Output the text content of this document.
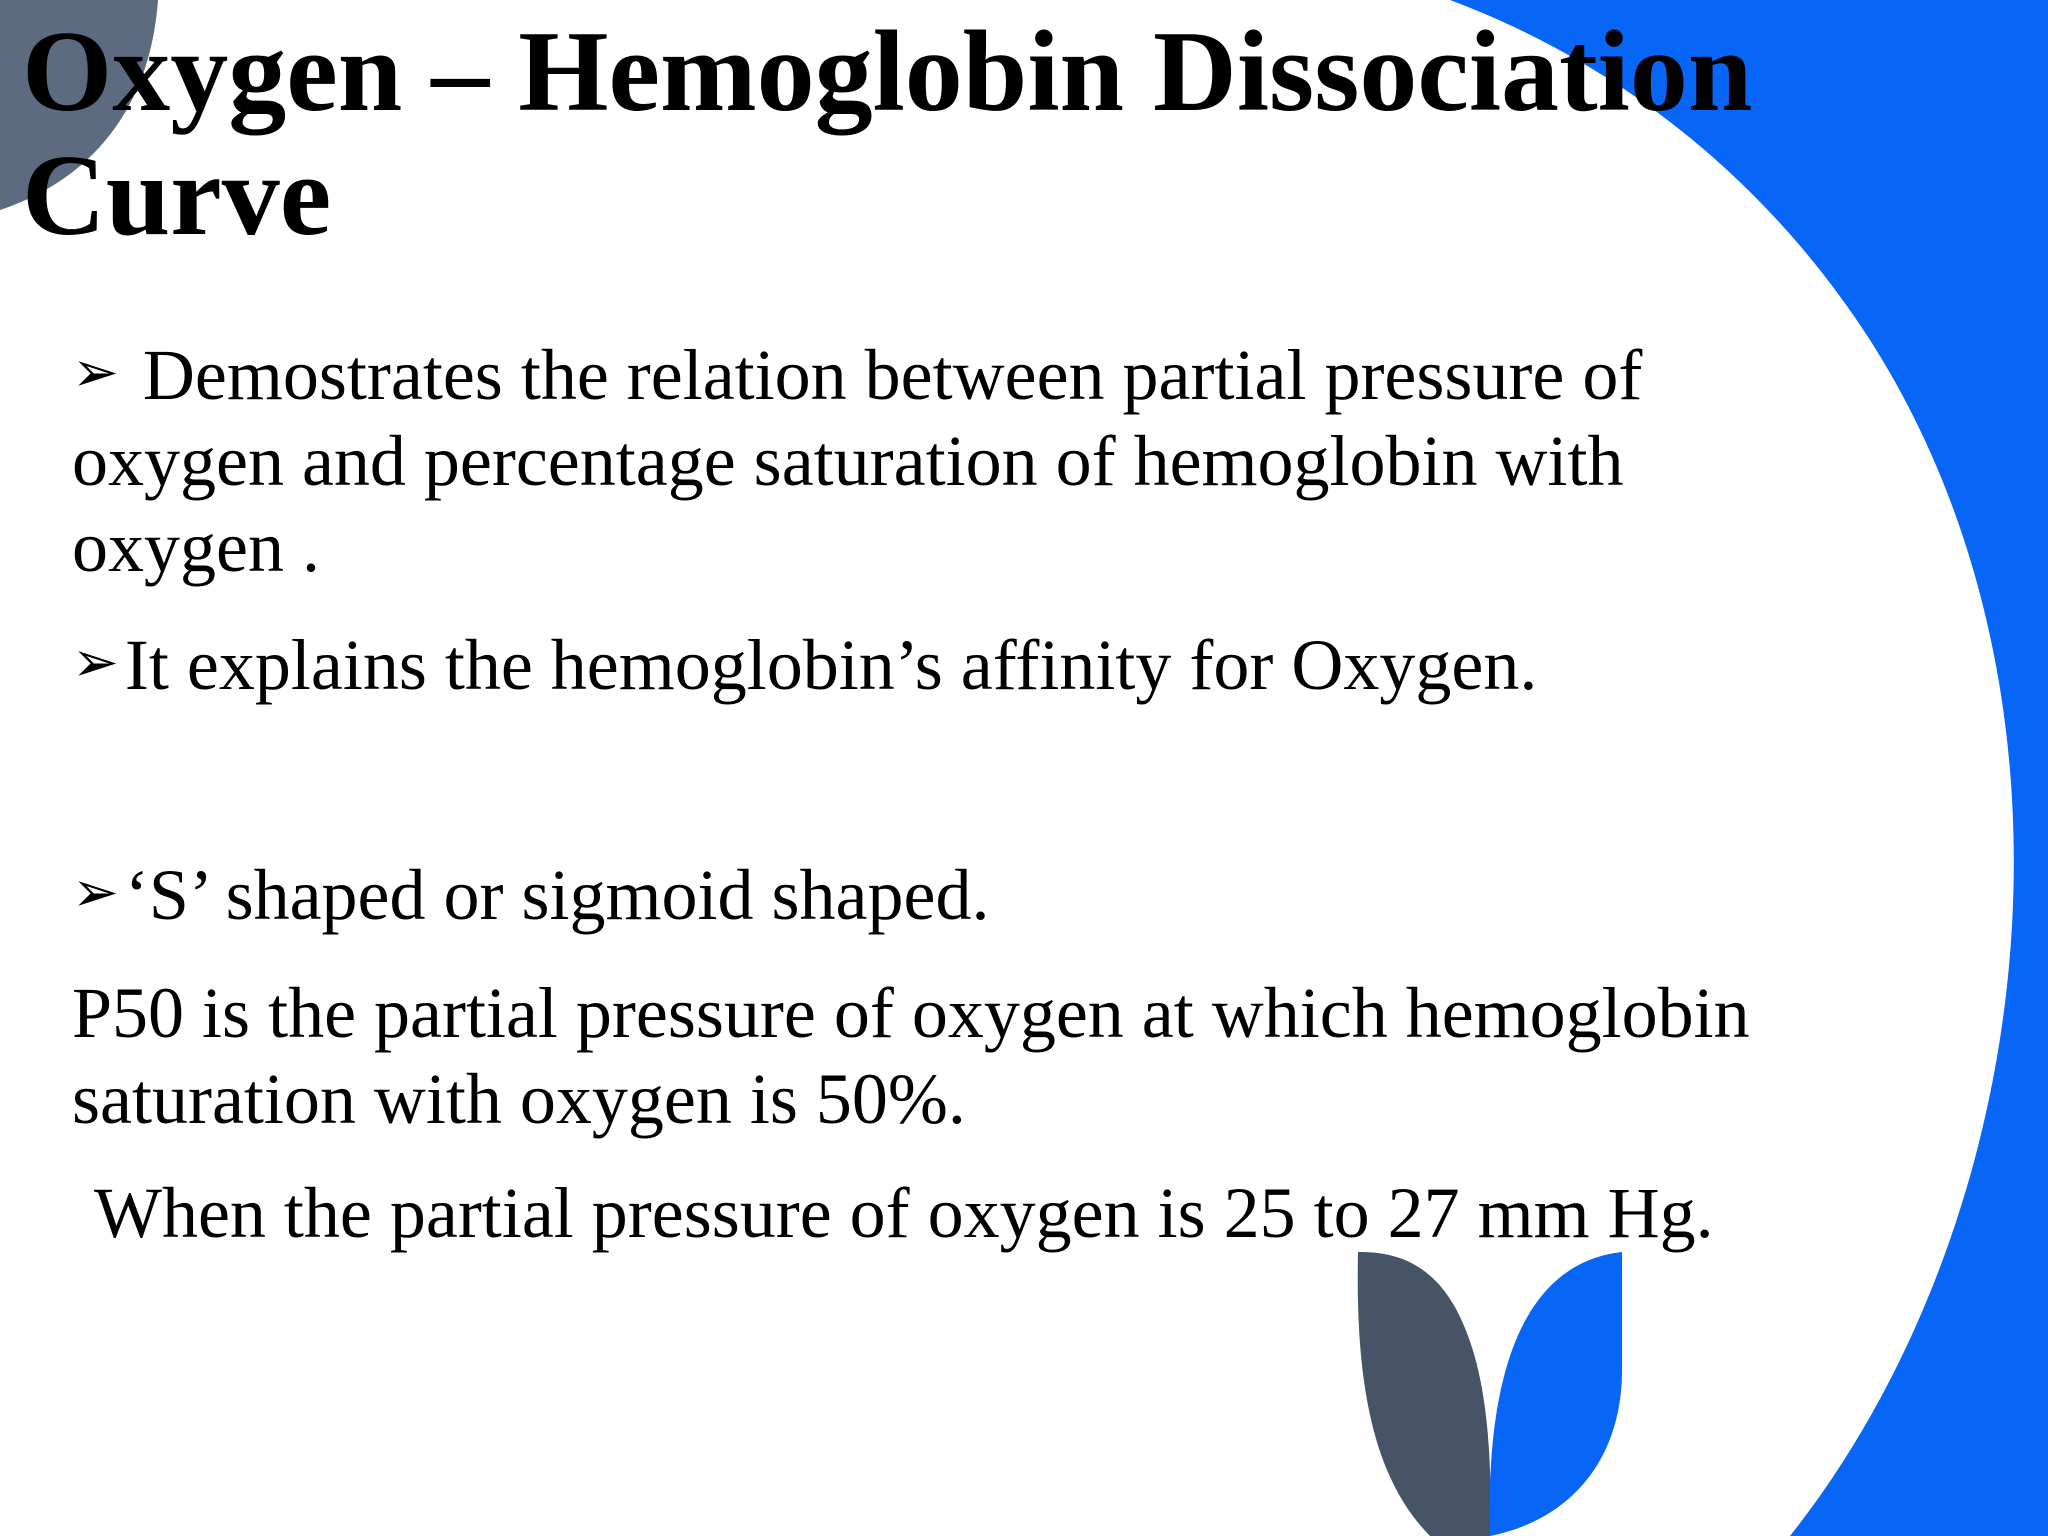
Oxygen – Hemoglobin Dissociation
Curve

➢ Demostrates the relation between partial pressure of
oxygen and percentage saturation of hemoglobin with
oxygen .

➢It explains the hemoglobin’s affinity for Oxygen.

➢‘S’ shaped or sigmoid shaped.

P50 is the partial pressure of oxygen at which hemoglobin
saturation with oxygen is 50%.

When the partial pressure of oxygen is 25 to 27 mm Hg.
